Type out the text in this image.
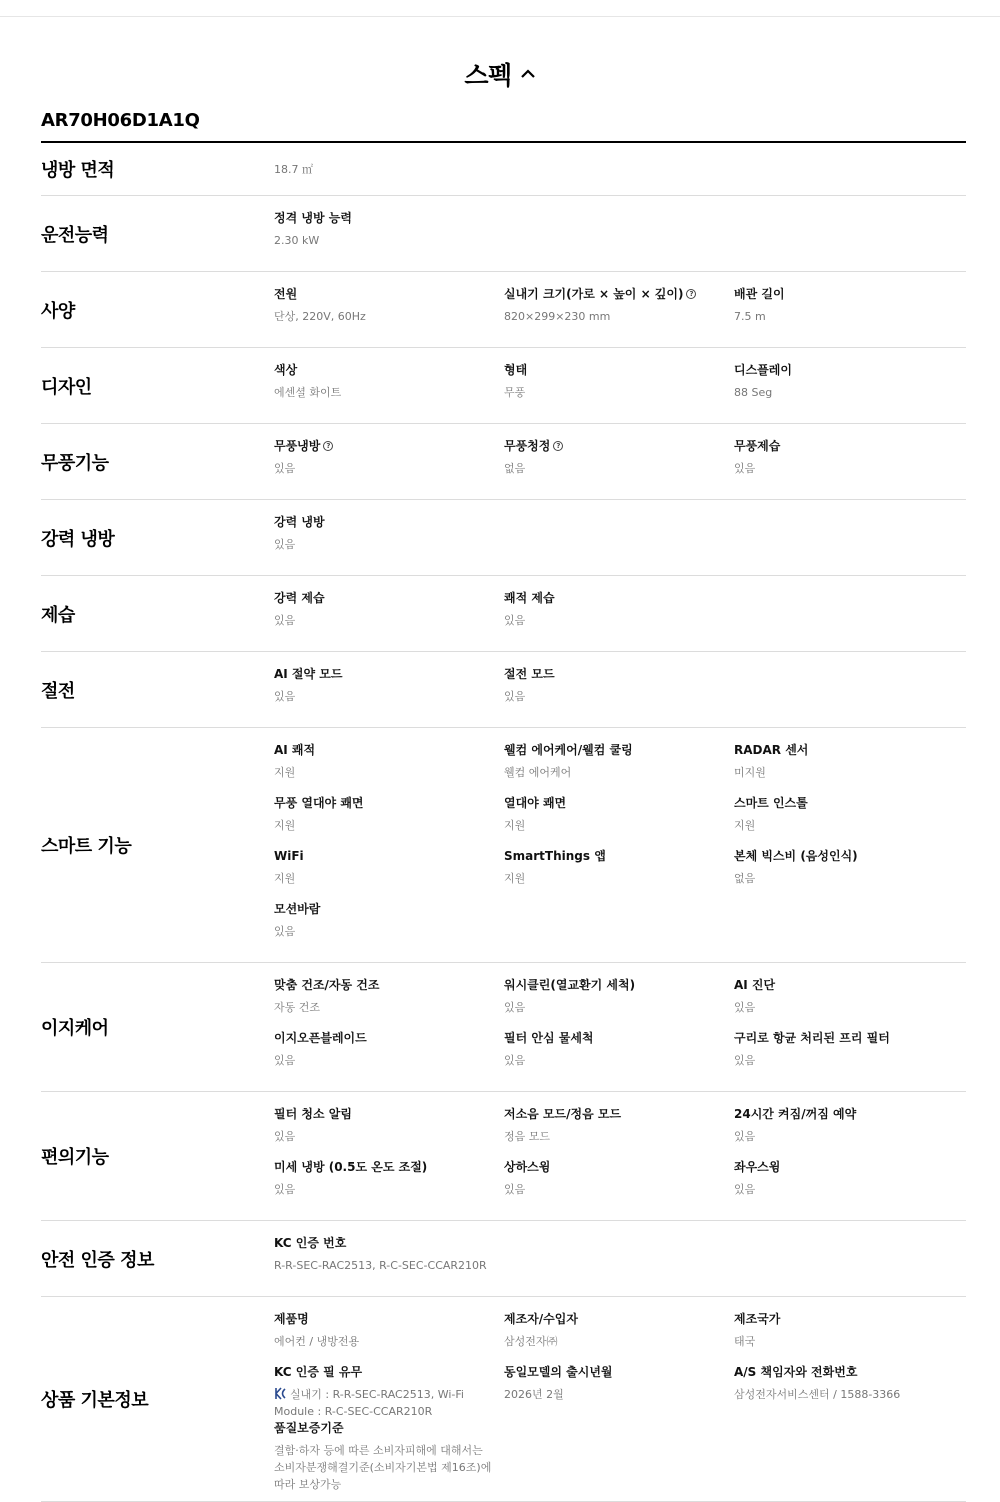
스펙
AR70H06D1A1Q
냉방 면적	18.7 ㎡
운전능력
정격 냉방 능력
2.30 kW
사양
전원
단상, 220V, 60Hz
실내기 크기(가로 × 높이 × 깊이) ?
820×299×230 mm
배관 길이
7.5 m
디자인
색상
에센셜 화이트
형태
무풍
디스플레이
88 Seg
무풍기능
무풍냉방 ?
있음
무풍청정 ?
없음
무풍제습
있음
강력 냉방
강력 냉방
있음
제습
강력 제습
있음
쾌적 제습
있음
절전
AI 절약 모드
있음
절전 모드
있음
스마트 기능
AI 쾌적
지원
웰컴 에어케어/웰컴 쿨링
웰컴 에어케어
RADAR 센서
미지원
무풍 열대야 쾌면
지원
열대야 쾌면
지원
스마트 인스톨
지원
WiFi
지원
SmartThings 앱
지원
본체 빅스비 (음성인식)
없음
모션바람
있음
이지케어
맞춤 건조/자동 건조
자동 건조
워시클린(열교환기 세척)
있음
AI 진단
있음
이지오픈블레이드
있음
필터 안심 물세척
있음
구리로 항균 처리된 프리 필터
있음
편의기능
필터 청소 알림
있음
저소음 모드/정음 모드
정음 모드
24시간 켜짐/꺼짐 예약
있음
미세 냉방 (0.5도 온도 조절)
있음
상하스윙
있음
좌우스윙
있음
안전 인증 정보
KC 인증 번호
R-R-SEC-RAC2513, R-C-SEC-CCAR210R
상품 기본정보
제품명
에어컨 / 냉방전용
제조자/수입자
삼성전자㈜
제조국가
태국
KC 인증 필 유무
실내기 : R-R-SEC-RAC2513, Wi-Fi Module : R-C-SEC-CCAR210R
동일모델의 출시년월
2026년 2월
A/S 책임자와 전화번호
삼성전자서비스센터 / 1588-3366
품질보증기준
결함·하자 등에 따른 소비자피해에 대해서는 소비자분쟁해결기준(소비자기본법 제16조)에 따라 보상가능
